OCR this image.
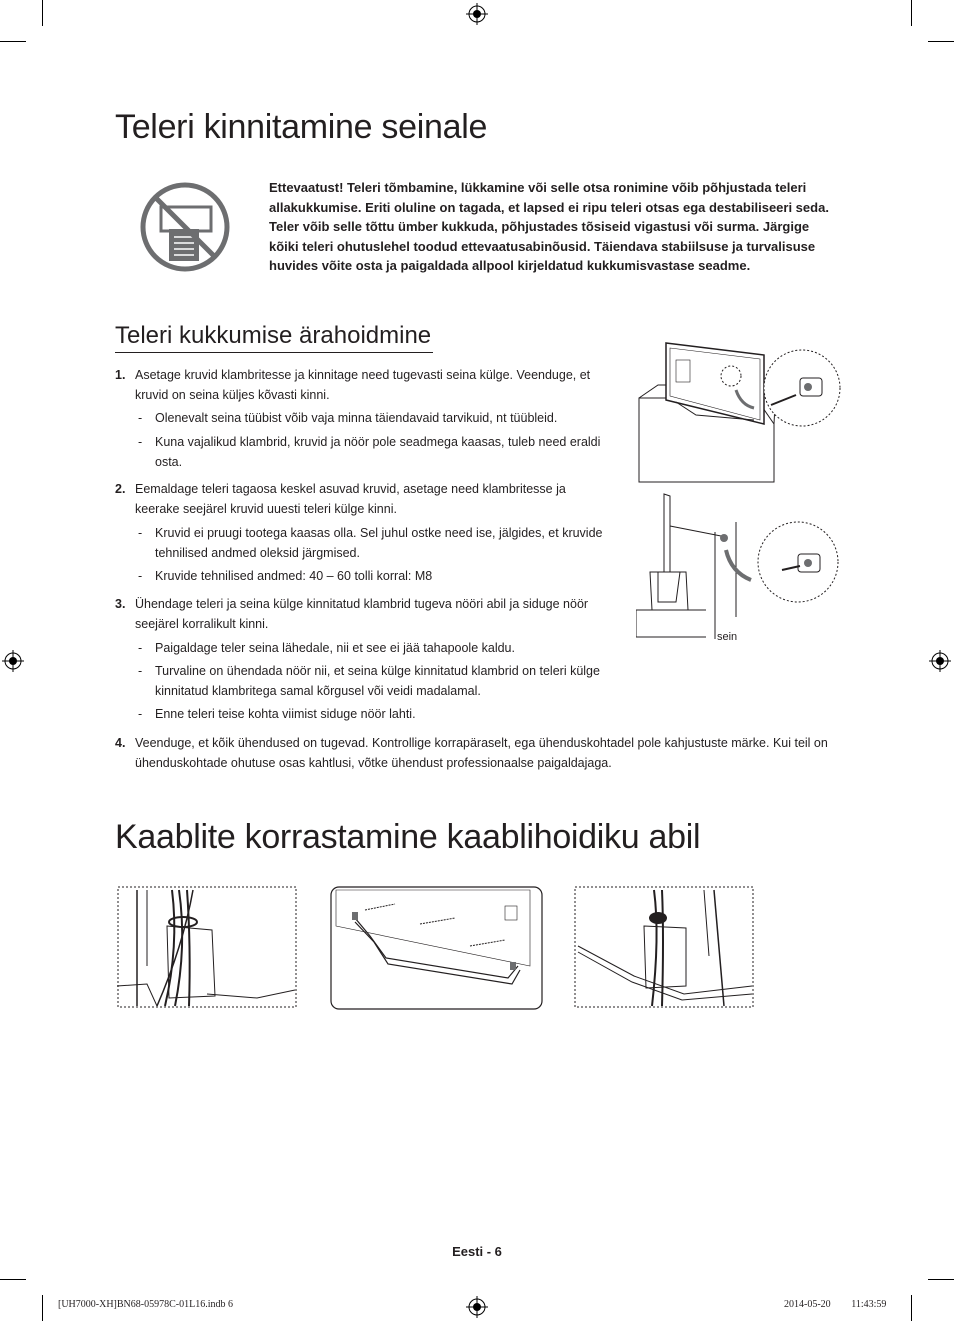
Teleri kinnitamine seinale
Ettevaatust! Teleri tõmbamine, lükkamine või selle otsa ronimine võib põhjustada teleri allakukkumise. Eriti oluline on tagada, et lapsed ei ripu teleri otsas ega destabiliseeri seda. Teler võib selle tõttu ümber kukkuda, põhjustades tõsiseid vigastusi või surma. Järgige kõiki teleri ohutuslehel toodud ettevaatusabinõusid. Täiendava stabiilsuse ja turvalisuse huvides võite osta ja paigaldada allpool kirjeldatud kukkumisvastase seadme.
Teleri kukkumise ärahoidmine
1. Asetage kruvid klambritesse ja kinnitage need tugevasti seina külge. Veenduge, et kruvid on seina küljes kõvasti kinni.
- Olenevalt seina tüübist võib vaja minna täiendavaid tarvikuid, nt tüübleid.
- Kuna vajalikud klambrid, kruvid ja nöör pole seadmega kaasas, tuleb need eraldi osta.
2. Eemaldage teleri tagaosa keskel asuvad kruvid, asetage need klambritesse ja keerake seejärel kruvid uuesti teleri külge kinni.
- Kruvid ei pruugi tootega kaasas olla. Sel juhul ostke need ise, jälgides, et kruvide tehnilised andmed oleksid järgmised.
- Kruvide tehnilised andmed: 40 – 60 tolli korral: M8
3. Ühendage teleri ja seina külge kinnitatud klambrid tugeva nööri abil ja siduge nöör seejärel korralikult kinni.
- Paigaldage teler seina lähedale, nii et see ei jää tahapoole kaldu.
- Turvaline on ühendada nöör nii, et seina külge kinnitatud klambrid on teleri külge kinnitatud klambritega samal kõrgusel või veidi madalamal.
- Enne teleri teise kohta viimist siduge nöör lahti.
4. Veenduge, et kõik ühendused on tugevad. Kontrollige korrapäraselt, ega ühenduskohtadel pole kahjustuste märke. Kui teil on ühenduskohtade ohutuse osas kahtlusi, võtke ühendust professionaalse paigaldajaga.
sein
Kaablite korrastamine kaablihoidiku abil
Eesti - 6
[UH7000-XH]BN68-05978C-01L16.indb 6	2014-05-20 ￿￿ 11:43:59
